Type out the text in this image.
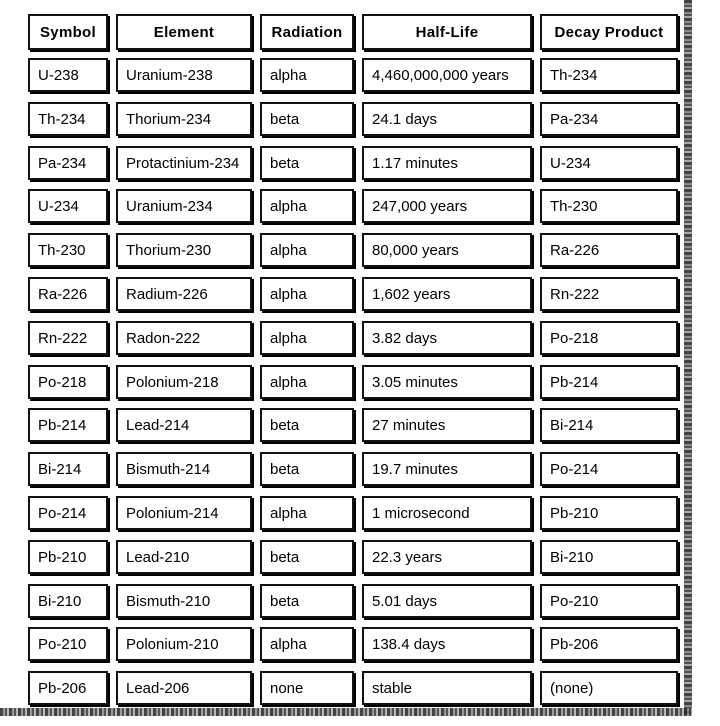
Symbol	Element	Radiation	Half-Life	Decay Product
U-238	Uranium-238	alpha	4,460,000,000 years	Th-234
Th-234	Thorium-234	beta	24.1 days	Pa-234
Pa-234	Protactinium-234	beta	1.17 minutes	U-234
U-234	Uranium-234	alpha	247,000 years	Th-230
Th-230	Thorium-230	alpha	80,000 years	Ra-226
Ra-226	Radium-226	alpha	1,602 years	Rn-222
Rn-222	Radon-222	alpha	3.82 days	Po-218
Po-218	Polonium-218	alpha	3.05 minutes	Pb-214
Pb-214	Lead-214	beta	27 minutes	Bi-214
Bi-214	Bismuth-214	beta	19.7 minutes	Po-214
Po-214	Polonium-214	alpha	1 microsecond	Pb-210
Pb-210	Lead-210	beta	22.3 years	Bi-210
Bi-210	Bismuth-210	beta	5.01 days	Po-210
Po-210	Polonium-210	alpha	138.4 days	Pb-206
Pb-206	Lead-206	none	stable	(none)
